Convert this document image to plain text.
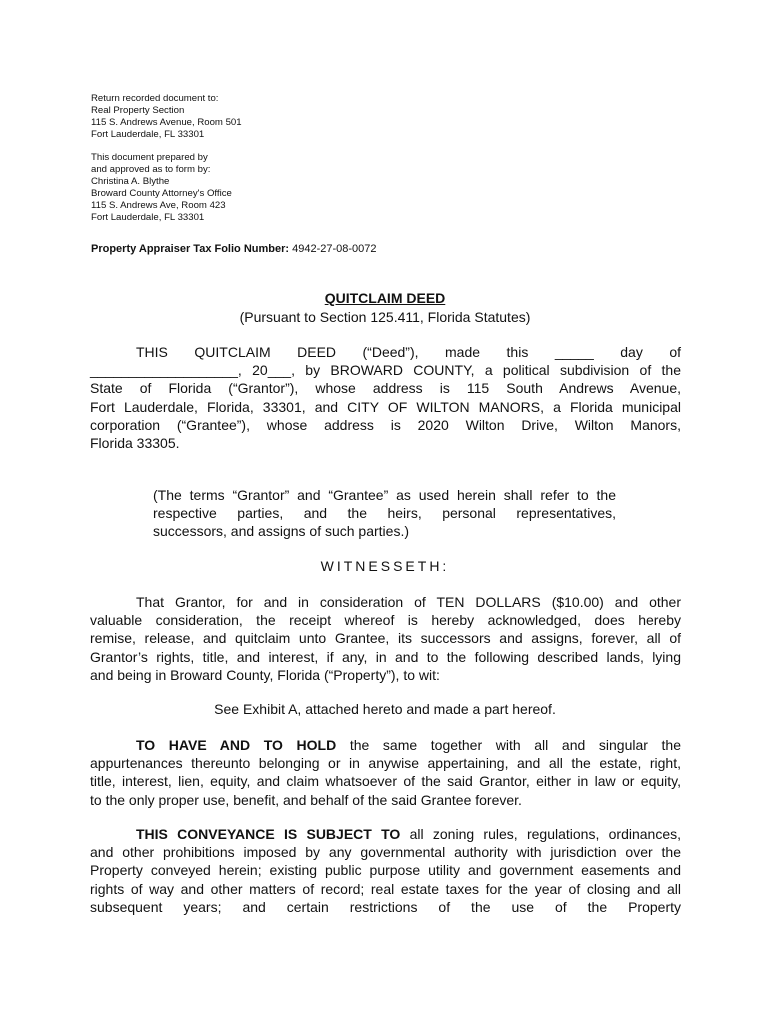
Return recorded document to:
Real Property Section
115 S. Andrews Avenue, Room 501
Fort Lauderdale, FL 33301
This document prepared by
and approved as to form by:
Christina A. Blythe
Broward County Attorney's Office
115 S. Andrews Ave, Room 423
Fort Lauderdale, FL 33301
Property Appraiser Tax Folio Number: 4942-27-08-0072
QUITCLAIM DEED
(Pursuant to Section 125.411, Florida Statutes)
THIS QUITCLAIM DEED (“Deed”), made this _____ day of
___________________, 20___, by BROWARD COUNTY, a political subdivision of the
State of Florida (“Grantor”), whose address is 115 South Andrews Avenue,
Fort Lauderdale, Florida, 33301, and CITY OF WILTON MANORS, a Florida municipal
corporation (“Grantee”), whose address is 2020 Wilton Drive, Wilton Manors,
Florida 33305.
(The terms “Grantor” and “Grantee” as used herein shall refer to the
respective parties, and the heirs, personal representatives,
successors, and assigns of such parties.)
WITNESSETH:
That Grantor, for and in consideration of TEN DOLLARS ($10.00) and other
valuable consideration, the receipt whereof is hereby acknowledged, does hereby
remise, release, and quitclaim unto Grantee, its successors and assigns, forever, all of
Grantor’s rights, title, and interest, if any, in and to the following described lands, lying
and being in Broward County, Florida (“Property”), to wit:
See Exhibit A, attached hereto and made a part hereof.
TO HAVE AND TO HOLD the same together with all and singular the
appurtenances thereunto belonging or in anywise appertaining, and all the estate, right,
title, interest, lien, equity, and claim whatsoever of the said Grantor, either in law or equity,
to the only proper use, benefit, and behalf of the said Grantee forever.
THIS CONVEYANCE IS SUBJECT TO all zoning rules, regulations, ordinances,
and other prohibitions imposed by any governmental authority with jurisdiction over the
Property conveyed herein; existing public purpose utility and government easements and
rights of way and other matters of record; real estate taxes for the year of closing and all
subsequent years; and certain restrictions of the use of the Property
